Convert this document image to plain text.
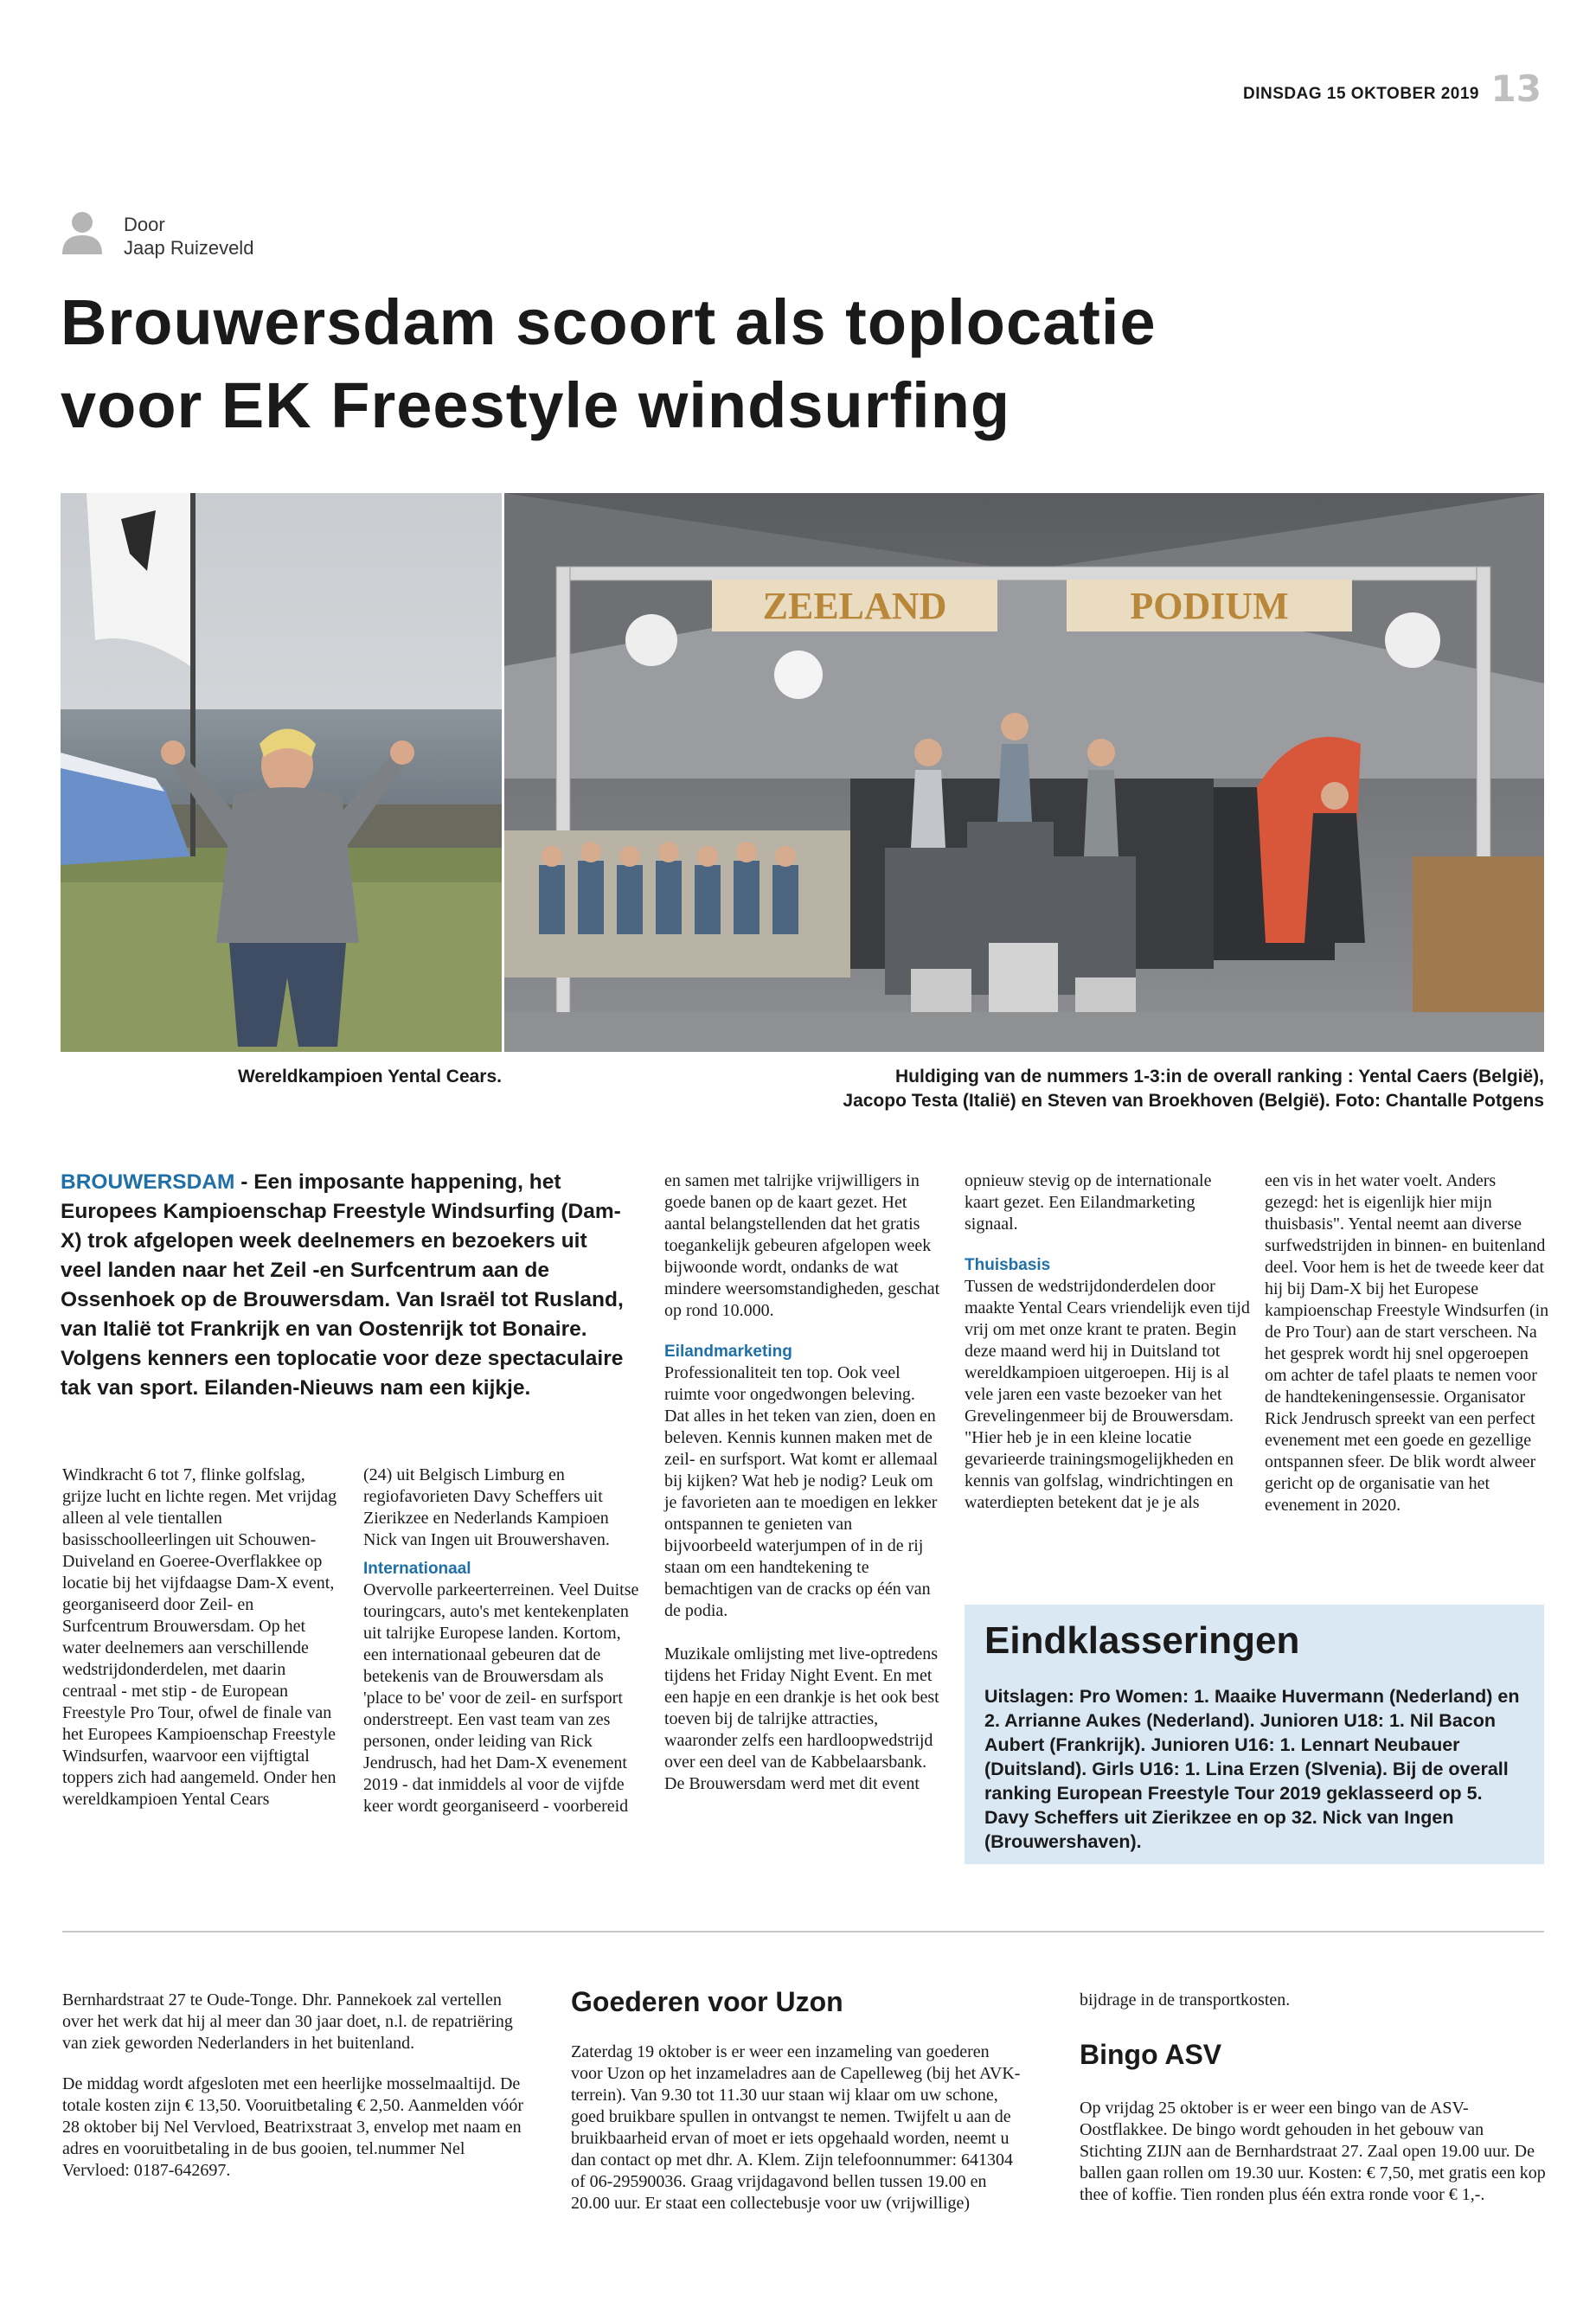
DINSDAG 15 OKTOBER 2019 13
Door
Jaap Ruizeveld
Brouwersdam scoort als toplocatie
voor EK Freestyle windsurfing
ZEELAND	PODIUM
Wereldkampioen Yental Cears.	Huldiging van de nummers 1-3:in de overall ranking : Yental Caers (België),
Jacopo Testa (Italië) en Steven van Broekhoven (België). Foto: Chantalle Potgens
BROUWERSDAM - Een imposante happening, het Europees Kampioenschap Freestyle Windsurfing (Dam-X) trok afgelopen week deelnemers en bezoekers uit veel landen naar het Zeil -en Surfcentrum aan de Ossenhoek op de Brouwersdam. Van Israël tot Rusland, van Italië tot Frankrijk en van Oostenrijk tot Bonaire. Volgens kenners een toplocatie voor deze spectaculaire tak van sport. Eilanden-Nieuws nam een kijkje.

Windkracht 6 tot 7, flinke golfslag, grijze lucht en lichte regen. Met vrijdag alleen al vele tientallen basisschoolleerlingen uit Schouwen-Duiveland en Goeree-Overflakkee op locatie bij het vijfdaagse Dam-X event, georganiseerd door Zeil- en Surfcentrum Brouwersdam. Op het water deelnemers aan verschillende wedstrijdonderdelen, met daarin centraal - met stip - de European Freestyle Pro Tour, ofwel de finale van het Europees Kampioenschap Freestyle Windsurfen, waarvoor een vijftigtal toppers zich had aangemeld. Onder hen wereldkampioen Yental Cears

(24) uit Belgisch Limburg en regiofavorieten Davy Scheffers uit Zierikzee en Nederlands Kampioen Nick van Ingen uit Brouwershaven.

Internationaal

Overvolle parkeerterreinen. Veel Duitse touringcars, auto's met kentekenplaten uit talrijke Europese landen. Kortom, een internationaal gebeuren dat de betekenis van de Brouwersdam als 'place to be' voor de zeil- en surfsport onderstreept. Een vast team van zes personen, onder leiding van Rick Jendrusch, had het Dam-X evenement 2019 - dat inmiddels al voor de vijfde keer wordt georganiseerd - voorbereid

en samen met talrijke vrijwilligers in goede banen op de kaart gezet. Het aantal belangstellenden dat het gratis toegankelijk gebeuren afgelopen week bijwoonde wordt, ondanks de wat mindere weersomstandigheden, geschat op rond 10.000.

Eilandmarketing

Professionaliteit ten top. Ook veel ruimte voor ongedwongen beleving. Dat alles in het teken van zien, doen en beleven. Kennis kunnen maken met de zeil- en surfsport. Wat komt er allemaal bij kijken? Wat heb je nodig? Leuk om je favorieten aan te moedigen en lekker ontspannen te genieten van bijvoorbeeld waterjumpen of in de rij staan om een handtekening te bemachtigen van de cracks op één van de podia.

Muzikale omlijsting met live-optredens tijdens het Friday Night Event. En met een hapje en een drankje is het ook best toeven bij de talrijke attracties, waaronder zelfs een hardloopwedstrijd over een deel van de Kabbelaarsbank. De Brouwersdam werd met dit event

opnieuw stevig op de internationale kaart gezet. Een Eilandmarketing signaal.

Thuisbasis

Tussen de wedstrijdonderdelen door maakte Yental Cears vriendelijk even tijd vrij om met onze krant te praten. Begin deze maand werd hij in Duitsland tot wereldkampioen uitgeroepen. Hij is al vele jaren een vaste bezoeker van het Grevelingenmeer bij de Brouwersdam. "Hier heb je in een kleine locatie gevarieerde trainingsmogelijkheden en kennis van golfslag, windrichtingen en waterdiepten betekent dat je je als

een vis in het water voelt. Anders gezegd: het is eigenlijk hier mijn thuisbasis". Yental neemt aan diverse surfwedstrijden in binnen- en buitenland deel. Voor hem is het de tweede keer dat hij bij Dam-X bij het Europese kampioenschap Freestyle Windsurfen (in de Pro Tour) aan de start verscheen. Na het gesprek wordt hij snel opgeroepen om achter de tafel plaats te nemen voor de handtekeningensessie. Organisator Rick Jendrusch spreekt van een perfect evenement met een goede en gezellige ontspannen sfeer. De blik wordt alweer gericht op de organisatie van het evenement in 2020.

Eindklasseringen
Uitslagen: Pro Women: 1. Maaike Huvermann (Nederland) en 2. Arrianne Aukes (Nederland). Junioren U18: 1. Nil Bacon Aubert (Frankrijk). Junioren U16: 1. Lennart Neubauer (Duitsland). Girls U16: 1. Lina Erzen (Slvenia). Bij de overall ranking European Freestyle Tour 2019 geklasseerd op 5. Davy Scheffers uit Zierikzee en op 32. Nick van Ingen (Brouwershaven).

Bernhardstraat 27 te Oude-Tonge. Dhr. Pannekoek zal vertellen over het werk dat hij al meer dan 30 jaar doet, n.l. de repatriëring van ziek geworden Nederlanders in het buitenland.

De middag wordt afgesloten met een heerlijke mosselmaaltijd. De totale kosten zijn € 13,50. Vooruitbetaling € 2,50. Aanmelden vóór 28 oktober bij Nel Vervloed, Beatrixstraat 3, envelop met naam en adres en vooruitbetaling in de bus gooien, tel.nummer Nel Vervloed: 0187-642697.

Goederen voor Uzon
Zaterdag 19 oktober is er weer een inzameling van goederen voor Uzon op het inzameladres aan de Capelleweg (bij het AVK-terrein). Van 9.30 tot 11.30 uur staan wij klaar om uw schone, goed bruikbare spullen in ontvangst te nemen. Twijfelt u aan de bruikbaarheid ervan of moet er iets opgehaald worden, neemt u dan contact op met dhr. A. Klem. Zijn telefoonnummer: 641304 of 06-29590036. Graag vrijdagavond bellen tussen 19.00 en 20.00 uur. Er staat een collectebusje voor uw (vrijwillige)
bijdrage in de transportkosten.
Bingo ASV
Op vrijdag 25 oktober is er weer een bingo van de ASV-Oostflakkee. De bingo wordt gehouden in het gebouw van Stichting ZIJN aan de Bernhardstraat 27. Zaal open 19.00 uur. De ballen gaan rollen om 19.30 uur. Kosten: € 7,50, met gratis een kop thee of koffie. Tien ronden plus één extra ronde voor € 1,-.
